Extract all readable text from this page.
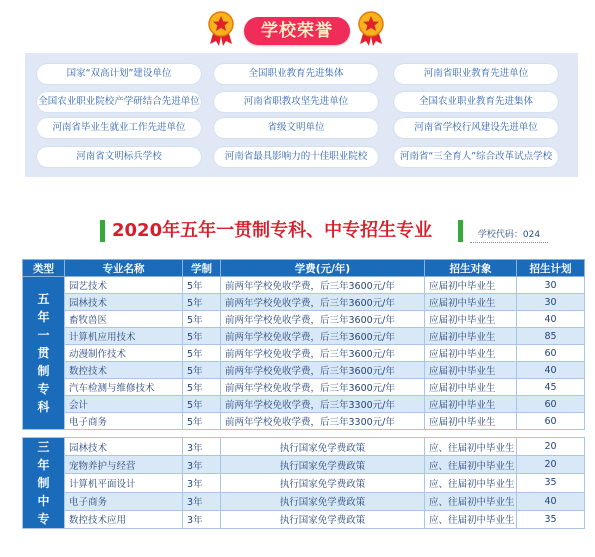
学校荣誉
国家“双高计划”建设单位	全国职业教育先进集体	河南省职业教育先进单位
全国农业职业院校产学研结合先进单位	河南省职教攻坚先进单位	全国农业职业教育先进集体
河南省毕业生就业工作先进单位	省级文明单位	河南省学校行风建设先进单位
河南省文明标兵学校	河南省最具影响力的十佳职业院校	河南省“三全育人”综合改革试点学校
2020年五年一贯制专科、中专招生专业	学校代码：024
类型	专业名称	学制	学费(元/年)	招生对象	招生计划

五年一贯制专科	园艺技术	5年	前两年学校免收学费，后三年3600元/年	应届初中毕业生	30
	园林技术	5年	前两年学校免收学费，后三年3600元/年	应届初中毕业生	30
	畜牧兽医	5年	前两年学校免收学费，后三年3600元/年	应届初中毕业生	40
	计算机应用技术	5年	前两年学校免收学费，后三年3600元/年	应届初中毕业生	85
	动漫制作技术	5年	前两年学校免收学费，后三年3600元/年	应届初中毕业生	60
	数控技术	5年	前两年学校免收学费，后三年3600元/年	应届初中毕业生	40
	汽车检测与维修技术	5年	前两年学校免收学费，后三年3600元/年	应届初中毕业生	45
	会计	5年	前两年学校免收学费，后三年3300元/年	应届初中毕业生	60
	电子商务	5年	前两年学校免收学费，后三年3300元/年	应届初中毕业生	60

三年制中专	园林技术	3年	执行国家免学费政策	应、往届初中毕业生	20
	宠物养护与经营	3年	执行国家免学费政策	应、往届初中毕业生	20
	计算机平面设计	3年	执行国家免学费政策	应、往届初中毕业生	35
	电子商务	3年	执行国家免学费政策	应、往届初中毕业生	40
	数控技术应用	3年	执行国家免学费政策	应、往届初中毕业生	35
